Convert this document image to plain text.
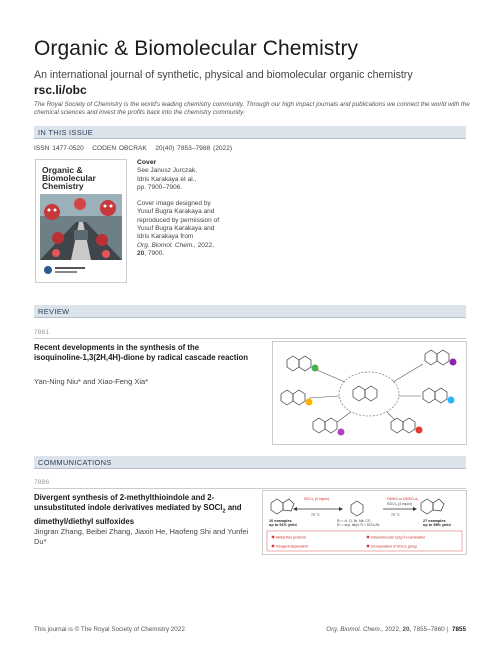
Organic & Biomolecular Chemistry
An international journal of synthetic, physical and biomolecular organic chemistry
rsc.li/obc
The Royal Society of Chemistry is the world's leading chemistry community. Through our high impact journals and publications we connect the world with the chemical sciences and invest the profits back into the chemistry community.
IN THIS ISSUE
ISSN 1477-0520 CODEN OBCRAK 20(40) 7853–7988 (2022)
Organic &
Biomolecular
Chemistry

Cover

See Janusz Jurczak,

Idris Karakaya et al.,

pp. 7900–7906.

Cover image designed by

Yusuf Bugra Karakaya and

reproduced by permission of

Yusuf Bugra Karakaya and

Idris Karakaya from

Org. Biomol. Chem., 2022,

20, 7900.

REVIEW
7861
Recent developments in the synthesis of the isoquinoline-1,3(2H,4H)-dione by radical cascade reaction
Yan-Ning Niu* and Xiao-Feng Xia*
COMMUNICATIONS
7886
Divergent synthesis of 2-methylthioindole and 2-unsubstituted indole derivatives mediated by SOCl$_2$ and dimethyl/diethyl sulfoxides
Jingran Zhang, Beibei Zhang, Jiaxin He, Haofeng Shi and Yunfei Du*
SOCl₂ (3 equiv)
75 °C
DMSO or DMSO-d₆
SOCl₂ (4 equiv)
75 °C
R¹ = H, Cl, Br, Me, CF₃
R² = aryl, alkyl; R = SCH₃/Br
10 examples
up to 91% yield
27 examples
up to 98% yield
Metal-free protocol	Intramolecular C(sp²)-H amination
Reagent-dependent	Incorporation of SOCl₂ group
This journal is © The Royal Society of Chemistry 2022	Org. Biomol. Chem., 2022, 20, 7855–7860 | 7855
